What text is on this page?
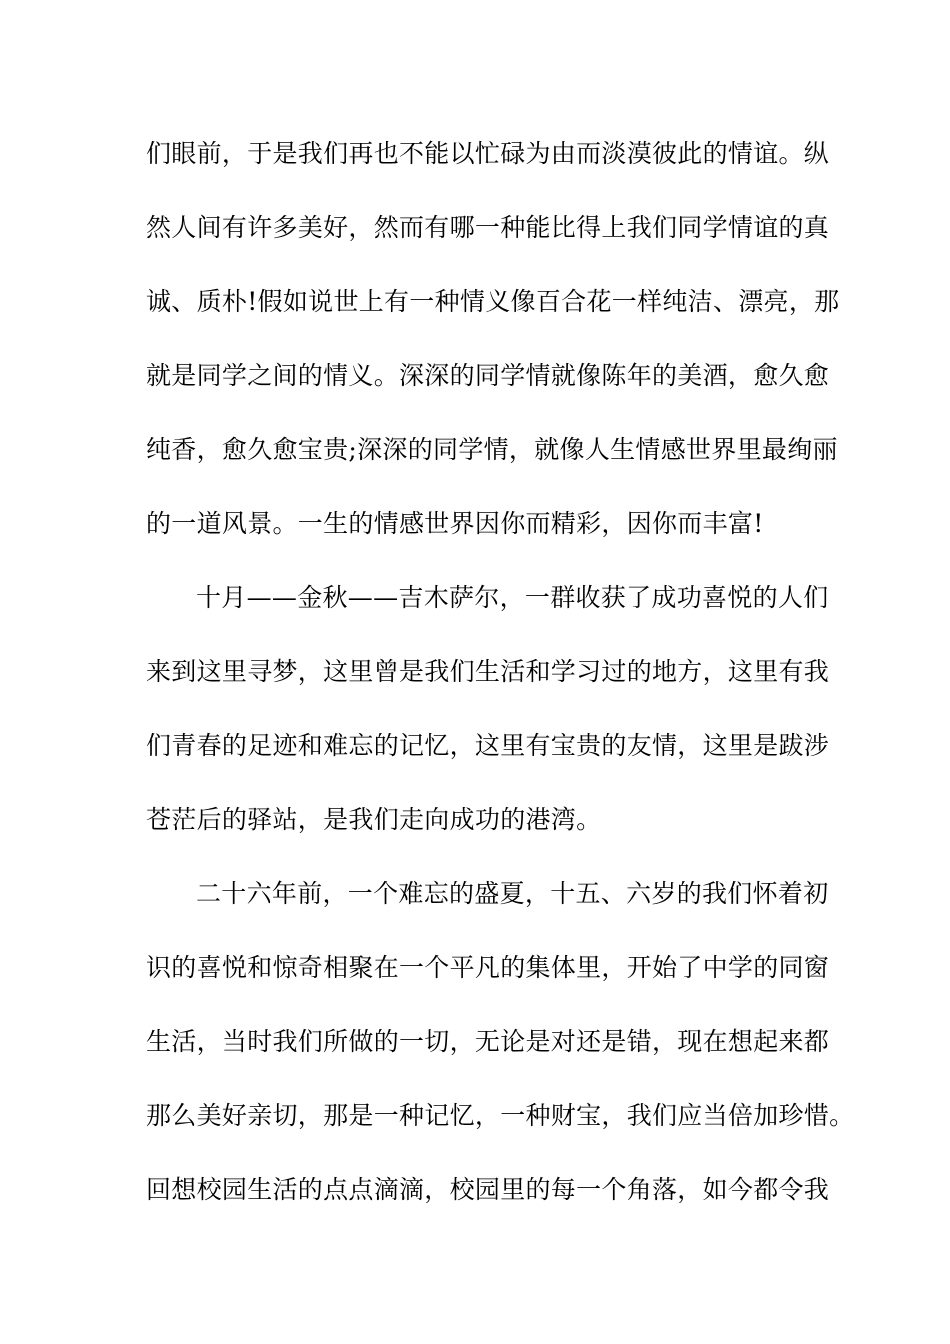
们眼前，于是我们再也不能以忙碌为由而淡漠彼此的情谊。纵
然人间有许多美好，然而有哪一种能比得上我们同学情谊的真
诚、质朴!假如说世上有一种情义像百合花一样纯洁、漂亮，那
就是同学之间的情义。深深的同学情就像陈年的美酒，愈久愈
纯香，愈久愈宝贵;深深的同学情，就像人生情感世界里最绚丽
的一道风景。一生的情感世界因你而精彩，因你而丰富!
十月——金秋——吉木萨尔，一群收获了成功喜悦的人们
来到这里寻梦，这里曾是我们生活和学习过的地方，这里有我
们青春的足迹和难忘的记忆，这里有宝贵的友情，这里是跋涉
苍茫后的驿站，是我们走向成功的港湾。
二十六年前，一个难忘的盛夏，十五、六岁的我们怀着初
识的喜悦和惊奇相聚在一个平凡的集体里，开始了中学的同窗
生活，当时我们所做的一切，无论是对还是错，现在想起来都
那么美好亲切，那是一种记忆，一种财宝，我们应当倍加珍惜。
回想校园生活的点点滴滴，校园里的每一个角落，如今都令我
